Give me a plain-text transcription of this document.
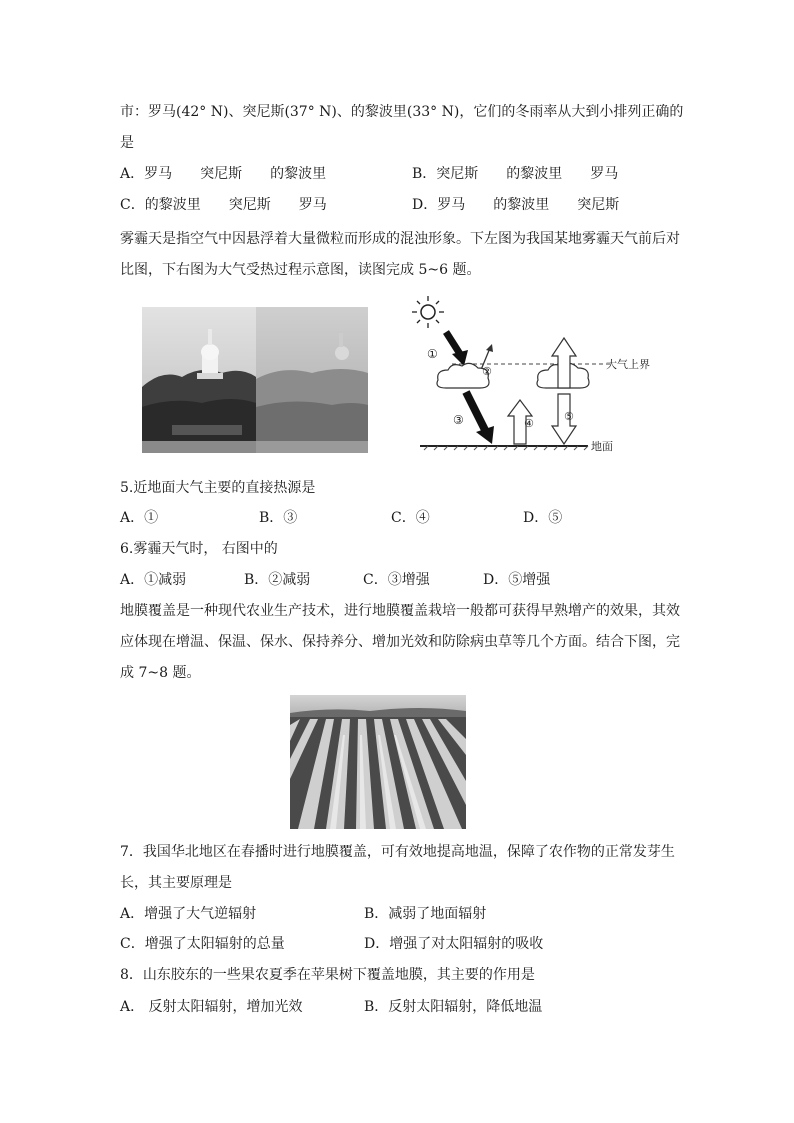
市：罗马(42° N)、突尼斯(37° N)、的黎波里(33° N)，它们的冬雨率从大到小排列正确的
是
A．罗马　　突尼斯　　的黎波里	B．突尼斯　　的黎波里　　罗马
C．的黎波里　　突尼斯　　罗马	D．罗马　　的黎波里　　突尼斯
雾霾天是指空气中因悬浮着大量微粒而形成的混浊形象。下左图为我国某地雾霾天气前后对
比图，下右图为大气受热过程示意图，读图完成 5~6 题。
①
②
③	④
⑤
大气上界
地面
5.近地面大气主要的直接热源是
A．①	B．③	C．④	D．⑤
6.雾霾天气时， 右图中的
A．①减弱	B．②减弱	C．③增强	D．⑤增强
地膜覆盖是一种现代农业生产技术，进行地膜覆盖栽培一般都可获得早熟增产的效果，其效
应体现在增温、保温、保水、保持养分、增加光效和防除病虫草等几个方面。结合下图，完
成 7~8 题。
7．我国华北地区在春播时进行地膜覆盖，可有效地提高地温，保障了农作物的正常发芽生
长，其主要原理是
A．增强了大气逆辐射	B．减弱了地面辐射
C．增强了太阳辐射的总量	D．增强了对太阳辐射的吸收
8．山东胶东的一些果农夏季在苹果树下覆盖地膜，其主要的作用是
A． 反射太阳辐射，增加光效	B．反射太阳辐射，降低地温
